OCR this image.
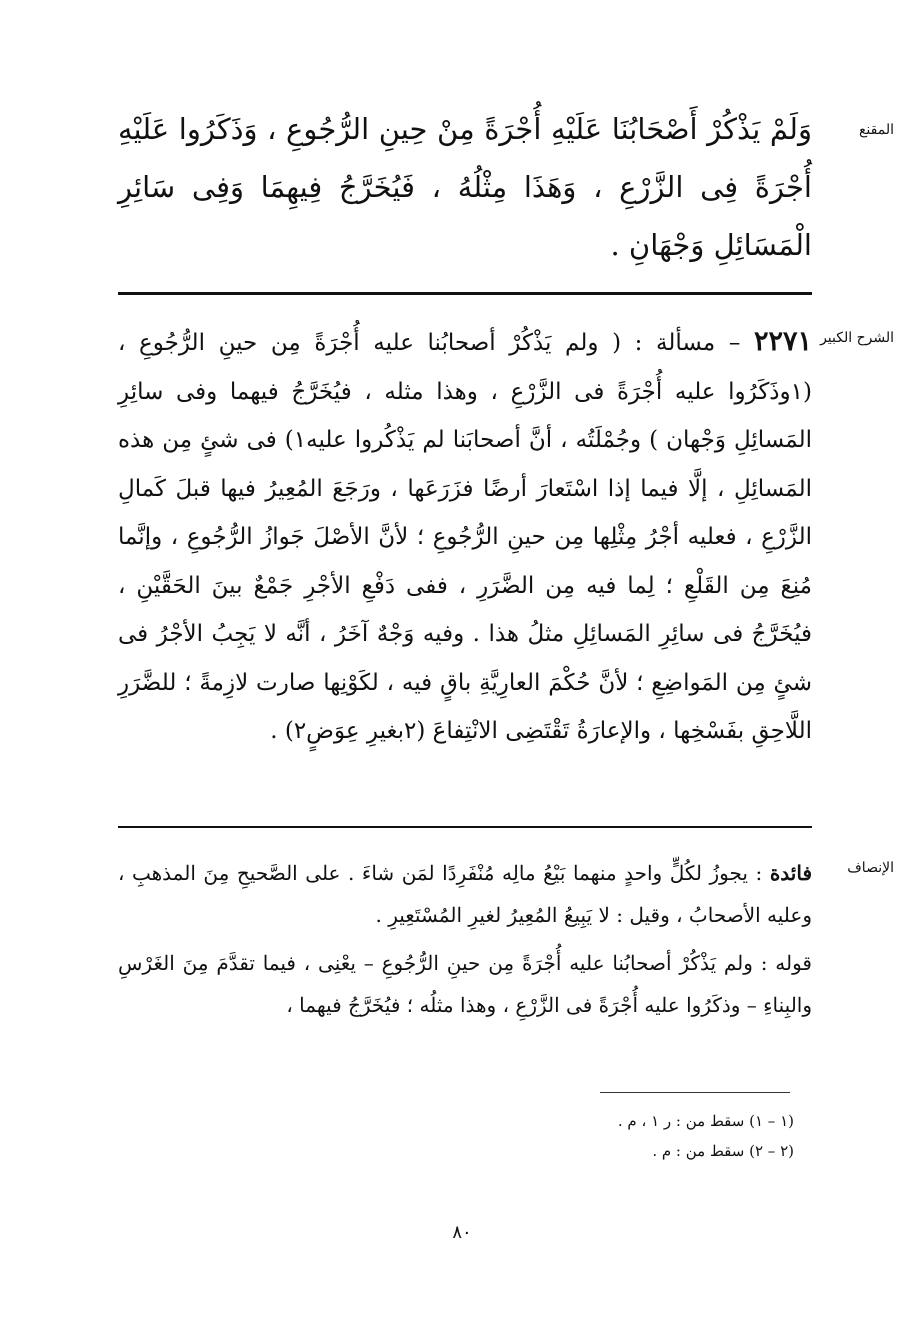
المقنع
وَلَمْ يَذْكُرْ أَصْحَابُنَا عَلَيْهِ أُجْرَةً مِنْ حِينِ الرُّجُوعِ ، وَذَكَرُوا عَلَيْهِ أُجْرَةً فِى الزَّرْعِ ، وَهَذَا مِثْلُهُ ، فَيُخَرَّجُ فِيهِمَا وَفِى سَائِرِ الْمَسَائِلِ وَجْهَانِ .
الشرح الكبير
٢٢٧١ – مسألة : ( ولم يَذْكُرْ أصحابُنا عليه أُجْرَةً مِن حينِ الرُّجُوعِ ، (١وذَكَرُوا عليه أُجْرَةً فى الزَّرْعِ ، وهذا مثله ، فيُخَرَّجُ فيهما وفى سائِرِ المَسائِلِ وَجْهان ) وجُمْلَتُه ، أنَّ أصحابَنا لم يَذْكُروا عليه١) فى شئٍ مِن هذه المَسائِلِ ، إلَّا فيما إذا اسْتَعارَ أرضًا فزَرَعَها ، ورَجَعَ المُعِيرُ فيها قبلَ كَمالِ الزَّرْعِ ، فعليه أجْرُ مِثْلِها مِن حينِ الرُّجُوعِ ؛ لأنَّ الأصْلَ جَوازُ الرُّجُوعِ ، وإنَّما مُنِعَ مِن القَلْعِ ؛ لِما فيه مِن الضَّرَرِ ، ففى دَفْعِ الأجْرِ جَمْعٌ بينَ الحَقَّيْنِ ، فيُخَرَّجُ فى سائِرِ المَسائِلِ مثلُ هذا . وفيه وَجْهٌ آخَرُ ، أنَّه لا يَجِبُ الأجْرُ فى شئٍ مِن المَواضِعِ ؛ لأنَّ حُكْمَ العارِيَّةِ باقٍ فيه ، لكَوْنِها صارت لازِمةً ؛ للضَّرَرِ اللَّاحِقِ بفَسْخِها ، والإعارَةُ تَقْتَضِى الانْتِفاعَ (٢بغيرِ عِوَضٍ٢) .
الإنصاف

فائدة : يجوزُ لكُلٍّ واحدٍ منهما بَيْعُ مالِه مُنْفَرِدًا لمَن شاءَ . على الصَّحيحِ مِنَ المذهبِ ، وعليه الأصحابُ ، وقيل : لا يَبِيعُ المُعِيرُ لغيرِ المُسْتَعِيرِ .

قوله : ولم يَذْكُرْ أصحابُنا عليه أُجْرَةً مِن حينِ الرُّجُوعِ – يعْنِى ، فيما تقدَّمَ مِنَ الغَرْسِ والبِناءِ – وذكَرُوا عليه أُجْرَةً فى الزَّرْعِ ، وهذا مثلُه ؛ فيُخَرَّجُ فيهما ،

(١ – ١) سقط من : ر ١ ، م .
(٢ – ٢) سقط من : م .
٨٠
